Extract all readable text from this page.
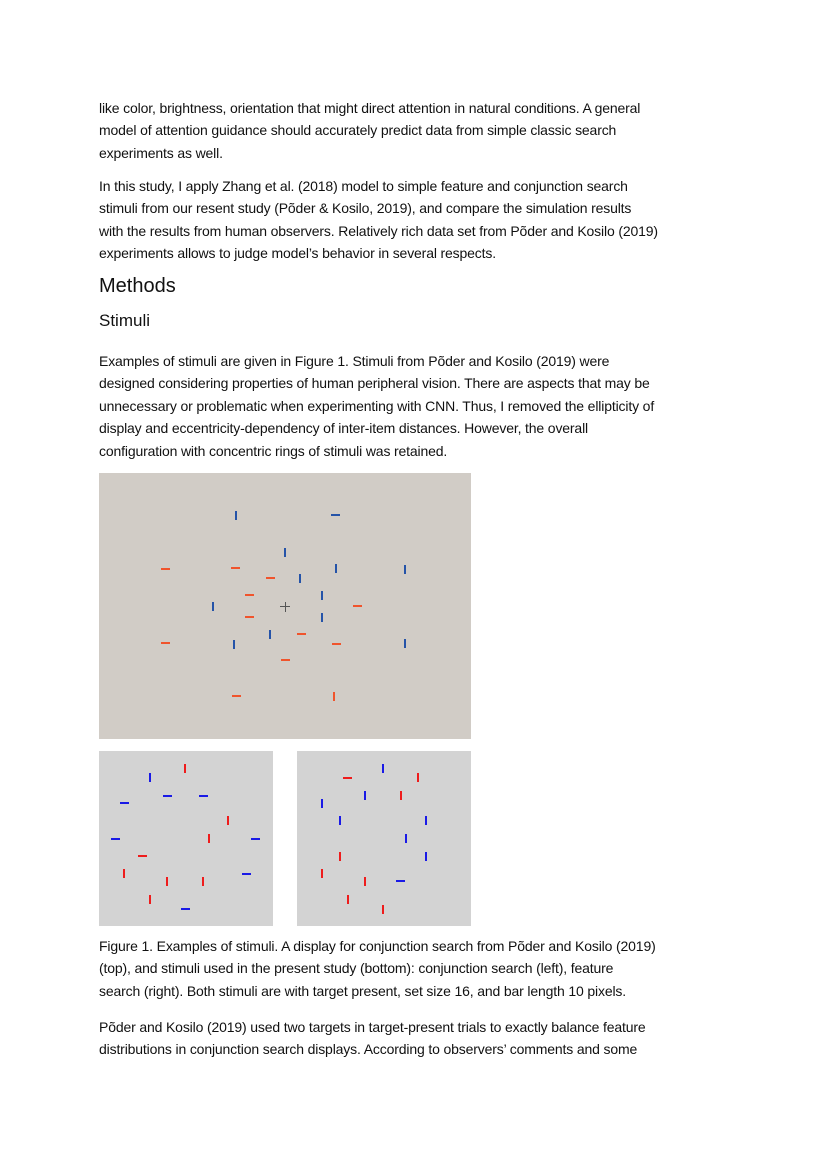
like color, brightness, orientation that might direct attention in natural conditions. A general
model of attention guidance should accurately predict data from simple classic search
experiments as well.
In this study, I apply Zhang et al. (2018) model to simple feature and conjunction search
stimuli from our resent study (Põder & Kosilo, 2019), and compare the simulation results
with the results from human observers. Relatively rich data set from Põder and Kosilo (2019)
experiments allows to judge model’s behavior in several respects.
Methods
Stimuli
Examples of stimuli are given in Figure 1. Stimuli from Põder and Kosilo (2019) were
designed considering properties of human peripheral vision. There are aspects that may be
unnecessary or problematic when experimenting with CNN. Thus, I removed the ellipticity of
display and eccentricity-dependency of inter-item distances. However, the overall
configuration with concentric rings of stimuli was retained.
Figure 1. Examples of stimuli. A display for conjunction search from Põder and Kosilo (2019)
(top), and stimuli used in the present study (bottom): conjunction search (left), feature
search (right). Both stimuli are with target present, set size 16, and bar length 10 pixels.
Põder and Kosilo (2019) used two targets in target-present trials to exactly balance feature
distributions in conjunction search displays. According to observers’ comments and some
